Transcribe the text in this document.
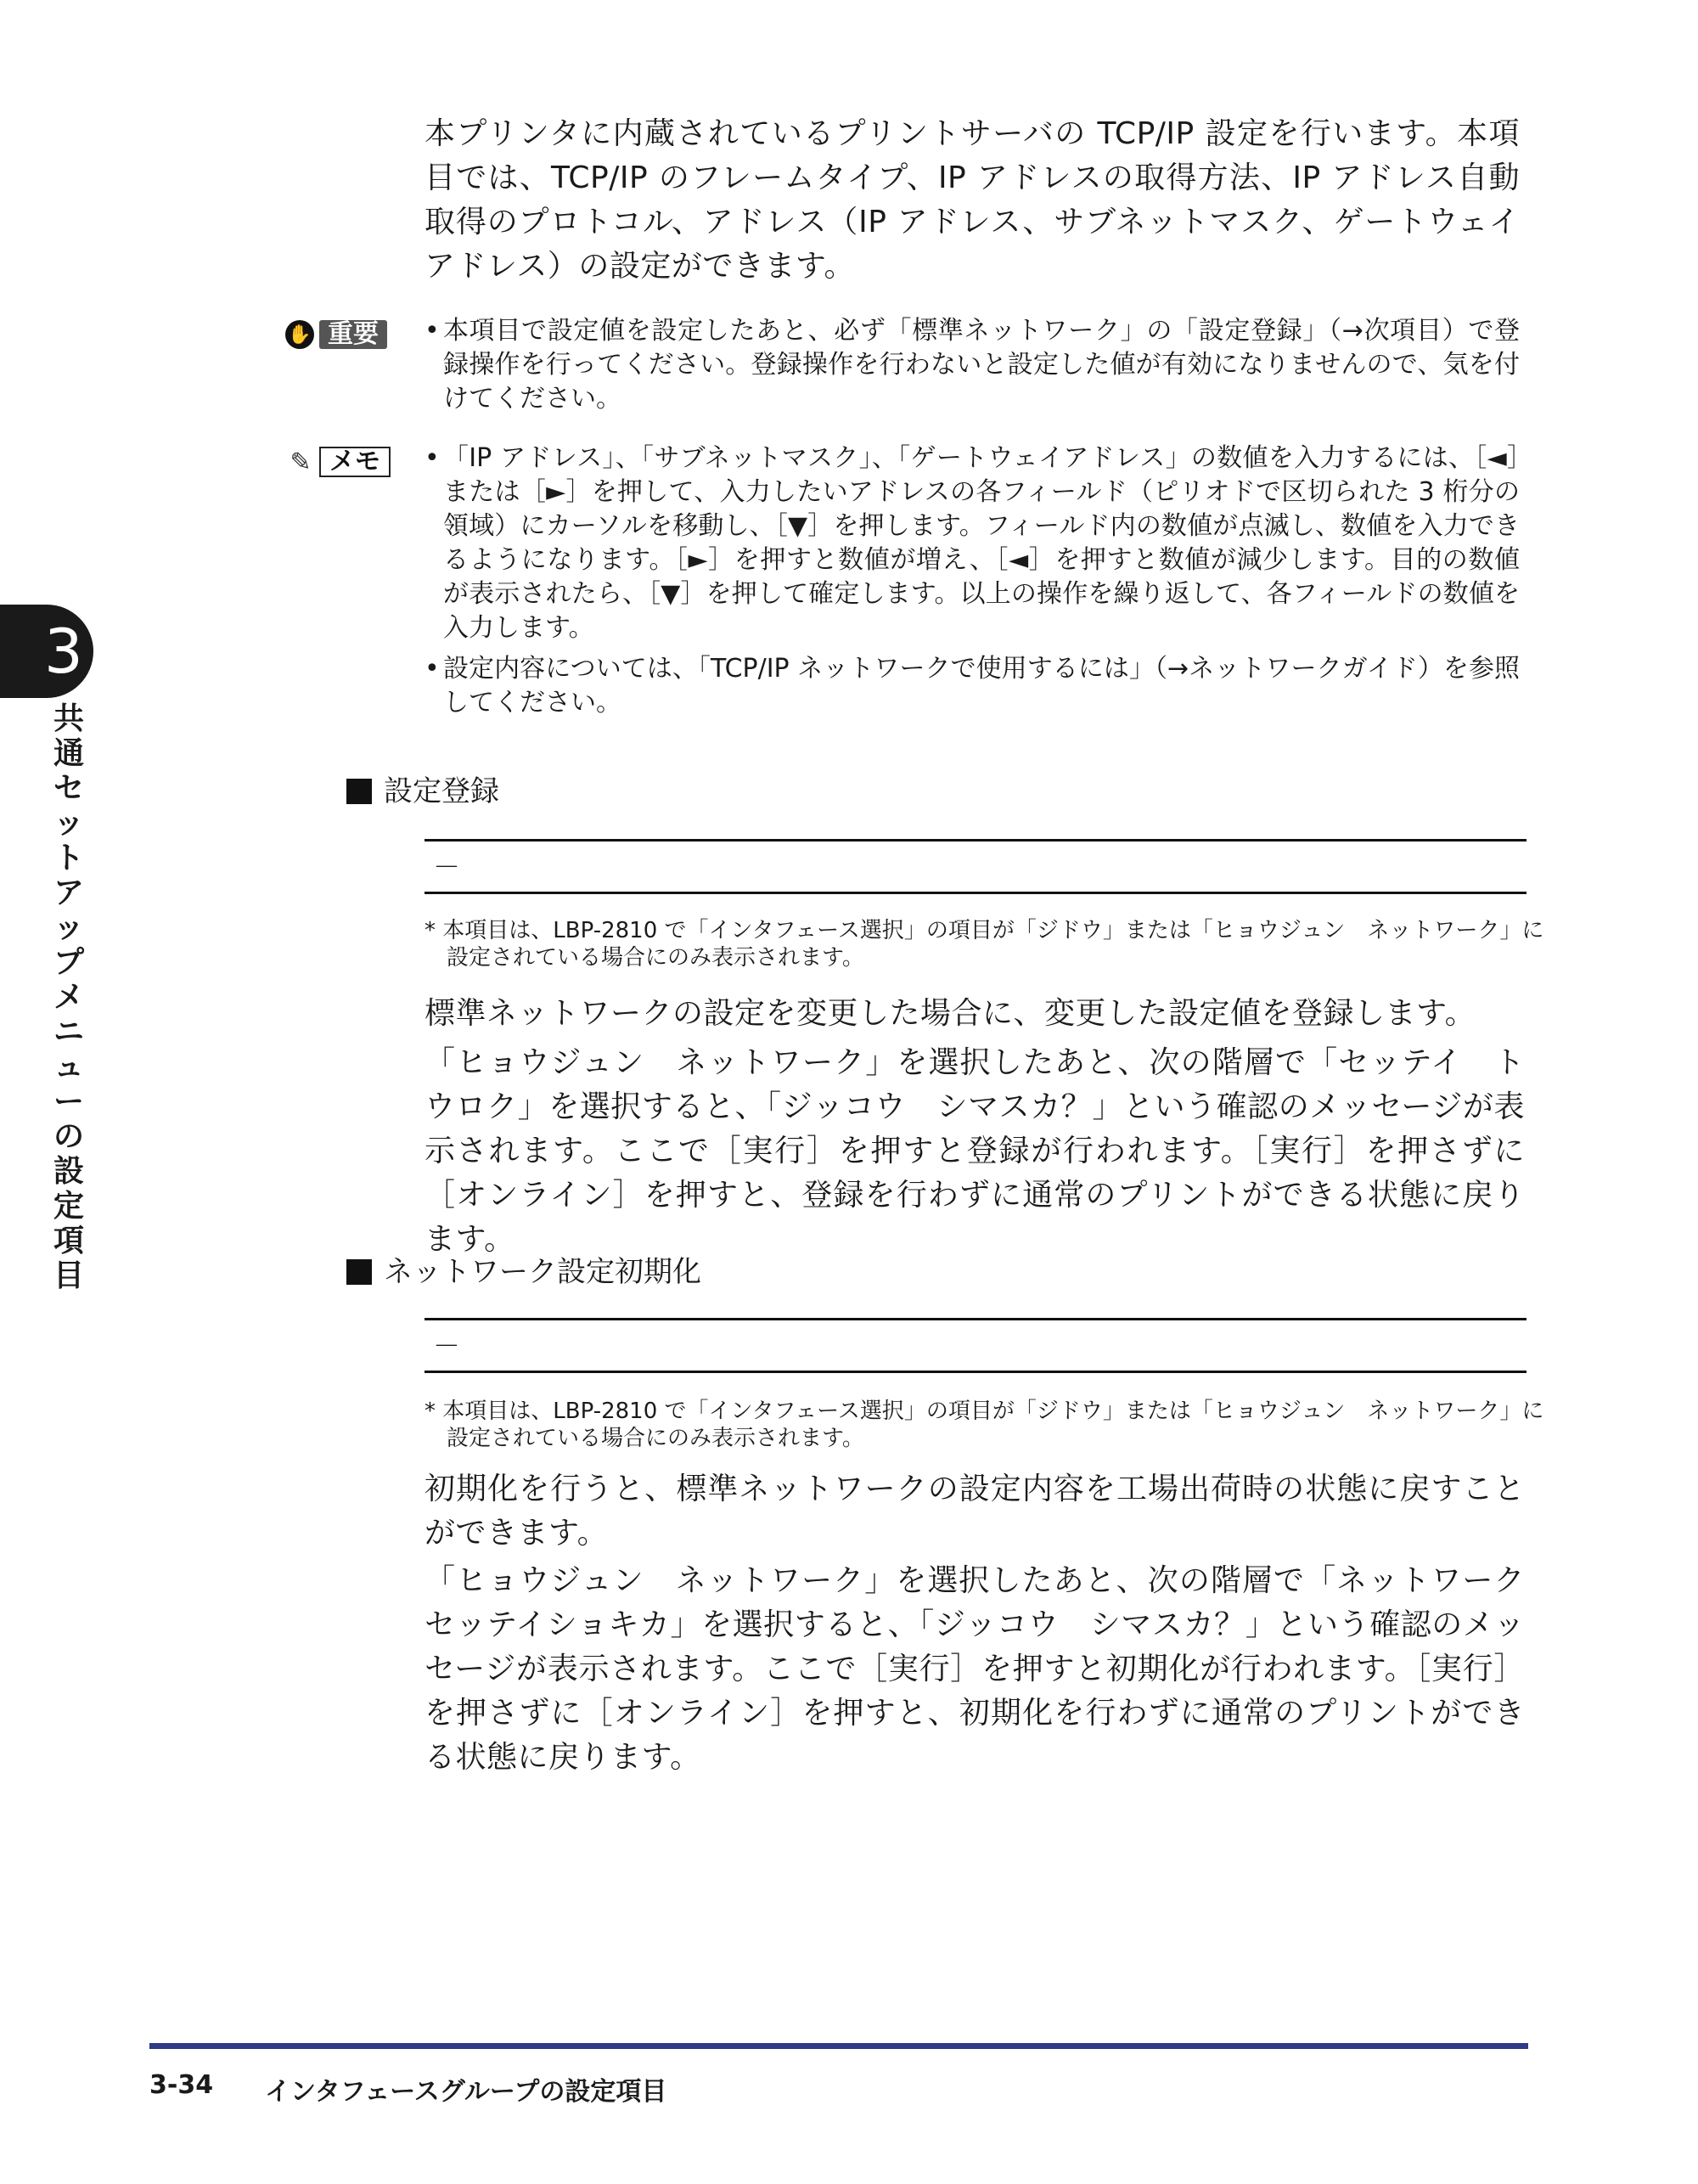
本プリンタに内蔵されているプリントサーバの TCP/IP 設定を行います。本項目では、TCP/IP のフレームタイプ、IP アドレスの取得方法、IP アドレス自動取得のプロトコル、アドレス（IP アドレス、サブネットマスク、ゲートウェイアドレス）の設定ができます。
✋ 重要	• 本項目で設定値を設定したあと、必ず「標準ネットワーク」の「設定登録」（→次項目）で登録操作を行ってください。登録操作を行わないと設定した値が有効になりませんので、気を付けてください。
✎ メモ	• 「IP アドレス」、「サブネットマスク」、「ゲートウェイアドレス」の数値を入力するには、［◄］または［►］を押して、入力したいアドレスの各フィールド（ピリオドで区切られた 3 桁分の領域）にカーソルを移動し、［▼］を押します。フィールド内の数値が点滅し、数値を入力できるようになります。［►］を押すと数値が増え、［◄］を押すと数値が減少します。目的の数値が表示されたら、［▼］を押して確定します。以上の操作を繰り返して、各フィールドの数値を入力します。
• 設定内容については、「TCP/IP ネットワークで使用するには」（→ネットワークガイド）を参照してください。
設定登録
－
* 本項目は、LBP-2810 で「インタフェース選択」の項目が「ジドウ」または「ヒョウジュン　ネットワーク」に設定されている場合にのみ表示されます。
標準ネットワークの設定を変更した場合に、変更した設定値を登録します。
「ヒョウジュン　ネットワーク」を選択したあと、次の階層で「セッテイ　トウロク」を選択すると、「ジッコウ　シマスカ？」という確認のメッセージが表示されます。ここで［実行］を押すと登録が行われます。［実行］を押さずに［オンライン］を押すと、登録を行わずに通常のプリントができる状態に戻ります。
ネットワーク設定初期化
－
* 本項目は、LBP-2810 で「インタフェース選択」の項目が「ジドウ」または「ヒョウジュン　ネットワーク」に設定されている場合にのみ表示されます。
初期化を行うと、標準ネットワークの設定内容を工場出荷時の状態に戻すことができます。
「ヒョウジュン　ネットワーク」を選択したあと、次の階層で「ネットワークセッテイショキカ」を選択すると、「ジッコウ　シマスカ？」という確認のメッセージが表示されます。ここで［実行］を押すと初期化が行われます。［実行］を押さずに［オンライン］を押すと、初期化を行わずに通常のプリントができる状態に戻ります。
3
共通セットアップメニューの設定項目
3-34 インタフェースグループの設定項目
